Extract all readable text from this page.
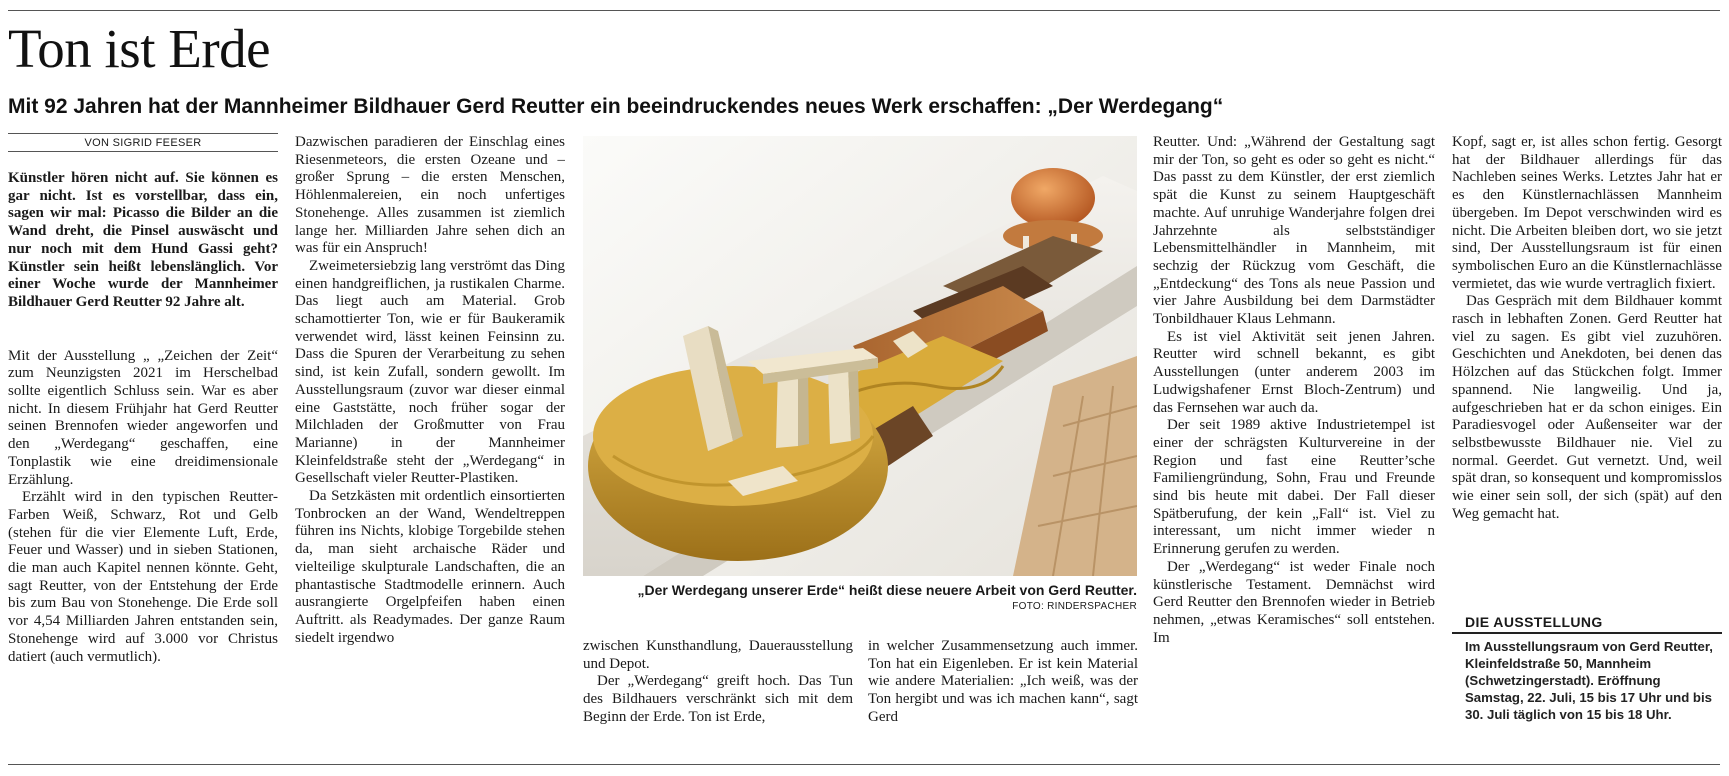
Ton ist Erde
Mit 92 Jahren hat der Mannheimer Bildhauer Gerd Reutter ein beeindruckendes neues Werk erschaffen: „Der Werdegang“
VON SIGRID FEESER

Künstler hören nicht auf. Sie können es gar nicht. Ist es vorstellbar, dass ein, sagen wir mal: Picasso die Bilder an die Wand dreht, die Pinsel auswäscht und nur noch mit dem Hund Gassi geht? Künstler sein heißt lebenslänglich. Vor einer Woche wurde der Mannheimer Bildhauer Gerd Reutter 92 Jahre alt.

Mit der Ausstellung „ „Zeichen der Zeit“ zum Neunzigsten 2021 im Herschelbad sollte eigentlich Schluss sein. War es aber nicht. In diesem Frühjahr hat Gerd Reutter seinen Brennofen wieder angeworfen und den „Werdegang“ geschaffen, eine Tonplastik wie eine dreidimensionale Erzählung.

Erzählt wird in den typischen Reutter-Farben Weiß, Schwarz, Rot und Gelb (stehen für die vier Elemente Luft, Erde, Feuer und Wasser) und in sieben Stationen, die man auch Kapitel nennen könnte. Geht, sagt Reutter, von der Entstehung der Erde bis zum Bau von Stonehenge. Die Erde soll vor 4,54 Milliarden Jahren entstanden sein, Stonehenge wird auf 3.000 vor Christus datiert (auch vermutlich).

Dazwischen paradieren der Einschlag eines Riesenmeteors, die ersten Ozeane und – großer Sprung – die ersten Menschen, Höhlenmalereien, ein noch unfertiges Stonehenge. Alles zusammen ist ziemlich lange her. Milliarden Jahre sehen dich an was für ein Anspruch!

Zweimetersiebzig lang verströmt das Ding einen handgreiflichen, ja rustikalen Charme. Das liegt auch am Material. Grob schamottierter Ton, wie er für Baukeramik verwendet wird, lässt keinen Feinsinn zu. Dass die Spuren der Verarbeitung zu sehen sind, ist kein Zufall, sondern gewollt. Im Ausstellungsraum (zuvor war dieser einmal eine Gaststätte, noch früher sogar der Milchladen der Großmutter von Frau Marianne) in der Mannheimer Kleinfeldstraße steht der „Werdegang“ in Gesellschaft vieler Reutter-Plastiken.

Da Setzkästen mit ordentlich einsortierten Tonbrocken an der Wand, Wendeltreppen führen ins Nichts, klobige Torgebilde stehen da, man sieht archaische Räder und vielteilige skulpturale Landschaften, die an phantastische Stadtmodelle erinnern. Auch ausrangierte Orgelpfeifen haben einen Auftritt. als Readymades. Der ganze Raum siedelt irgendwo

„Der Werdegang unserer Erde“ heißt diese neuere Arbeit von Gerd Reutter.
FOTO: RINDERSPACHER

zwischen Kunsthandlung, Dauerausstellung und Depot.

Der „Werdegang“ greift hoch. Das Tun des Bildhauers verschränkt sich mit dem Beginn der Erde. Ton ist Erde,

in welcher Zusammensetzung auch immer. Ton hat ein Eigenleben. Er ist kein Material wie andere Materialien: „Ich weiß, was der Ton hergibt und was ich machen kann“, sagt Gerd

Reutter. Und: „Während der Gestaltung sagt mir der Ton, so geht es oder so geht es nicht.“ Das passt zu dem Künstler, der erst ziemlich spät die Kunst zu seinem Hauptgeschäft machte. Auf unruhige Wanderjahre folgen drei Jahrzehnte als selbstständiger Lebensmittelhändler in Mannheim, mit sechzig der Rückzug vom Geschäft, die „Entdeckung“ des Tons als neue Passion und vier Jahre Ausbildung bei dem Darmstädter Tonbildhauer Klaus Lehmann.

Es ist viel Aktivität seit jenen Jahren. Reutter wird schnell bekannt, es gibt Ausstellungen (unter anderem 2003 im Ludwigshafener Ernst Bloch-Zentrum) und das Fernsehen war auch da.

Der seit 1989 aktive Industrietempel ist einer der schrägsten Kulturvereine in der Region und fast eine Reutter’sche Familiengründung, Sohn, Frau und Freunde sind bis heute mit dabei. Der Fall dieser Spätberufung, der kein „Fall“ ist. Viel zu interessant, um nicht immer wieder n Erinnerung gerufen zu werden.

Der „Werdegang“ ist weder Finale noch künstlerische Testament. Demnächst wird Gerd Reutter den Brennofen wieder in Betrieb nehmen, „etwas Keramisches“ soll entstehen. Im

Kopf, sagt er, ist alles schon fertig. Gesorgt hat der Bildhauer allerdings für das Nachleben seines Werks. Letztes Jahr hat er es den Künstlernachlässen Mannheim übergeben. Im Depot verschwinden wird es nicht. Die Arbeiten bleiben dort, wo sie jetzt sind, Der Ausstellungsraum ist für einen symbolischen Euro an die Künstlernachlässe vermietet, das wie wurde vertraglich fixiert.

Das Gespräch mit dem Bildhauer kommt rasch in lebhaften Zonen. Gerd Reutter hat viel zu sagen. Es gibt viel zuzuhören. Geschichten und Anekdoten, bei denen das Hölzchen auf das Stückchen folgt. Immer spannend. Nie langweilig. Und ja, aufgeschrieben hat er da schon einiges. Ein Paradiesvogel oder Außenseiter war der selbstbewusste Bildhauer nie. Viel zu normal. Geerdet. Gut vernetzt. Und, weil spät dran, so konsequent und kompromisslos wie einer sein soll, der sich (spät) auf den Weg gemacht hat.

DIE AUSSTELLUNG
Im Ausstellungsraum von Gerd Reutter, Kleinfeldstraße 50, Mannheim (Schwetzingerstadt). Eröffnung Samstag, 22. Juli, 15 bis 17 Uhr und bis 30. Juli täglich von 15 bis 18 Uhr.
